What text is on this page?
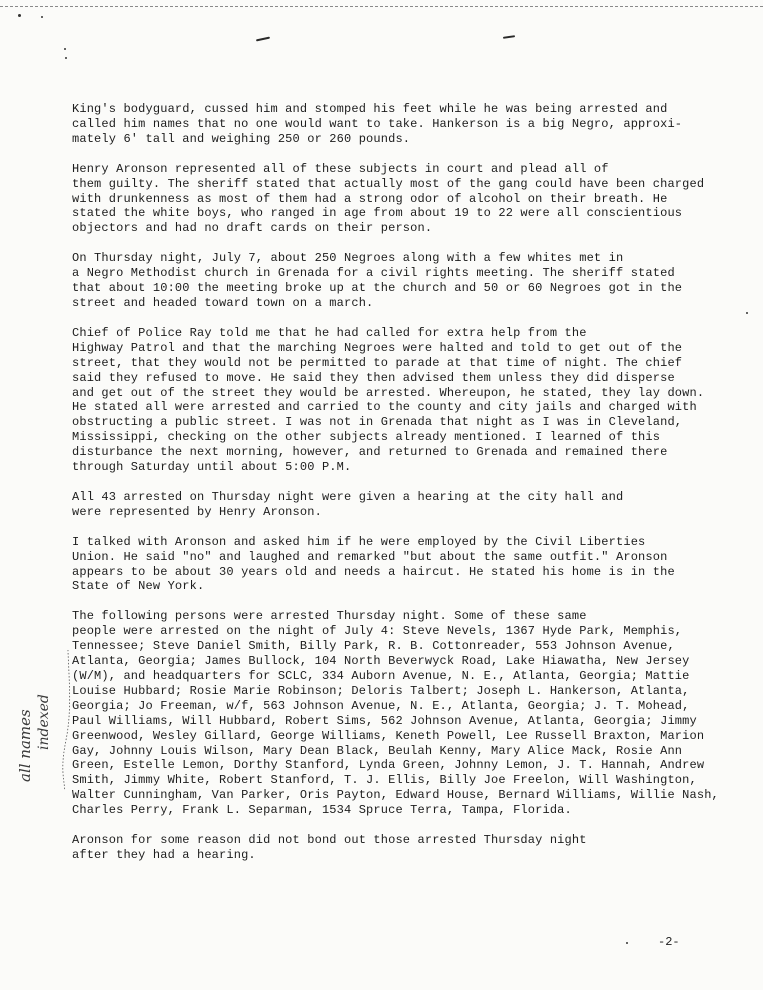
King's bodyguard, cussed him and stomped his feet while he was being arrested and
called him names that no one would want to take. Hankerson is a big Negro, approxi-
mately 6' tall and weighing 250 or 260 pounds.

Henry Aronson represented all of these subjects in court and plead all of
them guilty. The sheriff stated that actually most of the gang could have been charged
with drunkenness as most of them had a strong odor of alcohol on their breath. He
stated the white boys, who ranged in age from about 19 to 22 were all conscientious
objectors and had no draft cards on their person.

On Thursday night, July 7, about 250 Negroes along with a few whites met in
a Negro Methodist church in Grenada for a civil rights meeting. The sheriff stated
that about 10:00 the meeting broke up at the church and 50 or 60 Negroes got in the
street and headed toward town on a march.

Chief of Police Ray told me that he had called for extra help from the
Highway Patrol and that the marching Negroes were halted and told to get out of the
street, that they would not be permitted to parade at that time of night. The chief
said they refused to move. He said they then advised them unless they did disperse
and get out of the street they would be arrested. Whereupon, he stated, they lay down.
He stated all were arrested and carried to the county and city jails and charged with
obstructing a public street. I was not in Grenada that night as I was in Cleveland,
Mississippi, checking on the other subjects already mentioned. I learned of this
disturbance the next morning, however, and returned to Grenada and remained there
through Saturday until about 5:00 P.M.

All 43 arrested on Thursday night were given a hearing at the city hall and
were represented by Henry Aronson.

I talked with Aronson and asked him if he were employed by the Civil Liberties
Union. He said "no" and laughed and remarked "but about the same outfit." Aronson
appears to be about 30 years old and needs a haircut. He stated his home is in the
State of New York.

The following persons were arrested Thursday night. Some of these same
people were arrested on the night of July 4: Steve Nevels, 1367 Hyde Park, Memphis,
Tennessee; Steve Daniel Smith, Billy Park, R. B. Cottonreader, 553 Johnson Avenue,
Atlanta, Georgia; James Bullock, 104 North Beverwyck Road, Lake Hiawatha, New Jersey
(W/M), and headquarters for SCLC, 334 Auborn Avenue, N. E., Atlanta, Georgia; Mattie
Louise Hubbard; Rosie Marie Robinson; Deloris Talbert; Joseph L. Hankerson, Atlanta,
Georgia; Jo Freeman, w/f, 563 Johnson Avenue, N. E., Atlanta, Georgia; J. T. Mohead,
Paul Williams, Will Hubbard, Robert Sims, 562 Johnson Avenue, Atlanta, Georgia; Jimmy
Greenwood, Wesley Gillard, George Williams, Keneth Powell, Lee Russell Braxton, Marion
Gay, Johnny Louis Wilson, Mary Dean Black, Beulah Kenny, Mary Alice Mack, Rosie Ann
Green, Estelle Lemon, Dorthy Stanford, Lynda Green, Johnny Lemon, J. T. Hannah, Andrew
Smith, Jimmy White, Robert Stanford, T. J. Ellis, Billy Joe Freelon, Will Washington,
Walter Cunningham, Van Parker, Oris Payton, Edward House, Bernard Williams, Willie Nash,
Charles Perry, Frank L. Separman, 1534 Spruce Terra, Tampa, Florida.

Aronson for some reason did not bond out those arrested Thursday night
after they had a hearing.

all names indexed
-2-
